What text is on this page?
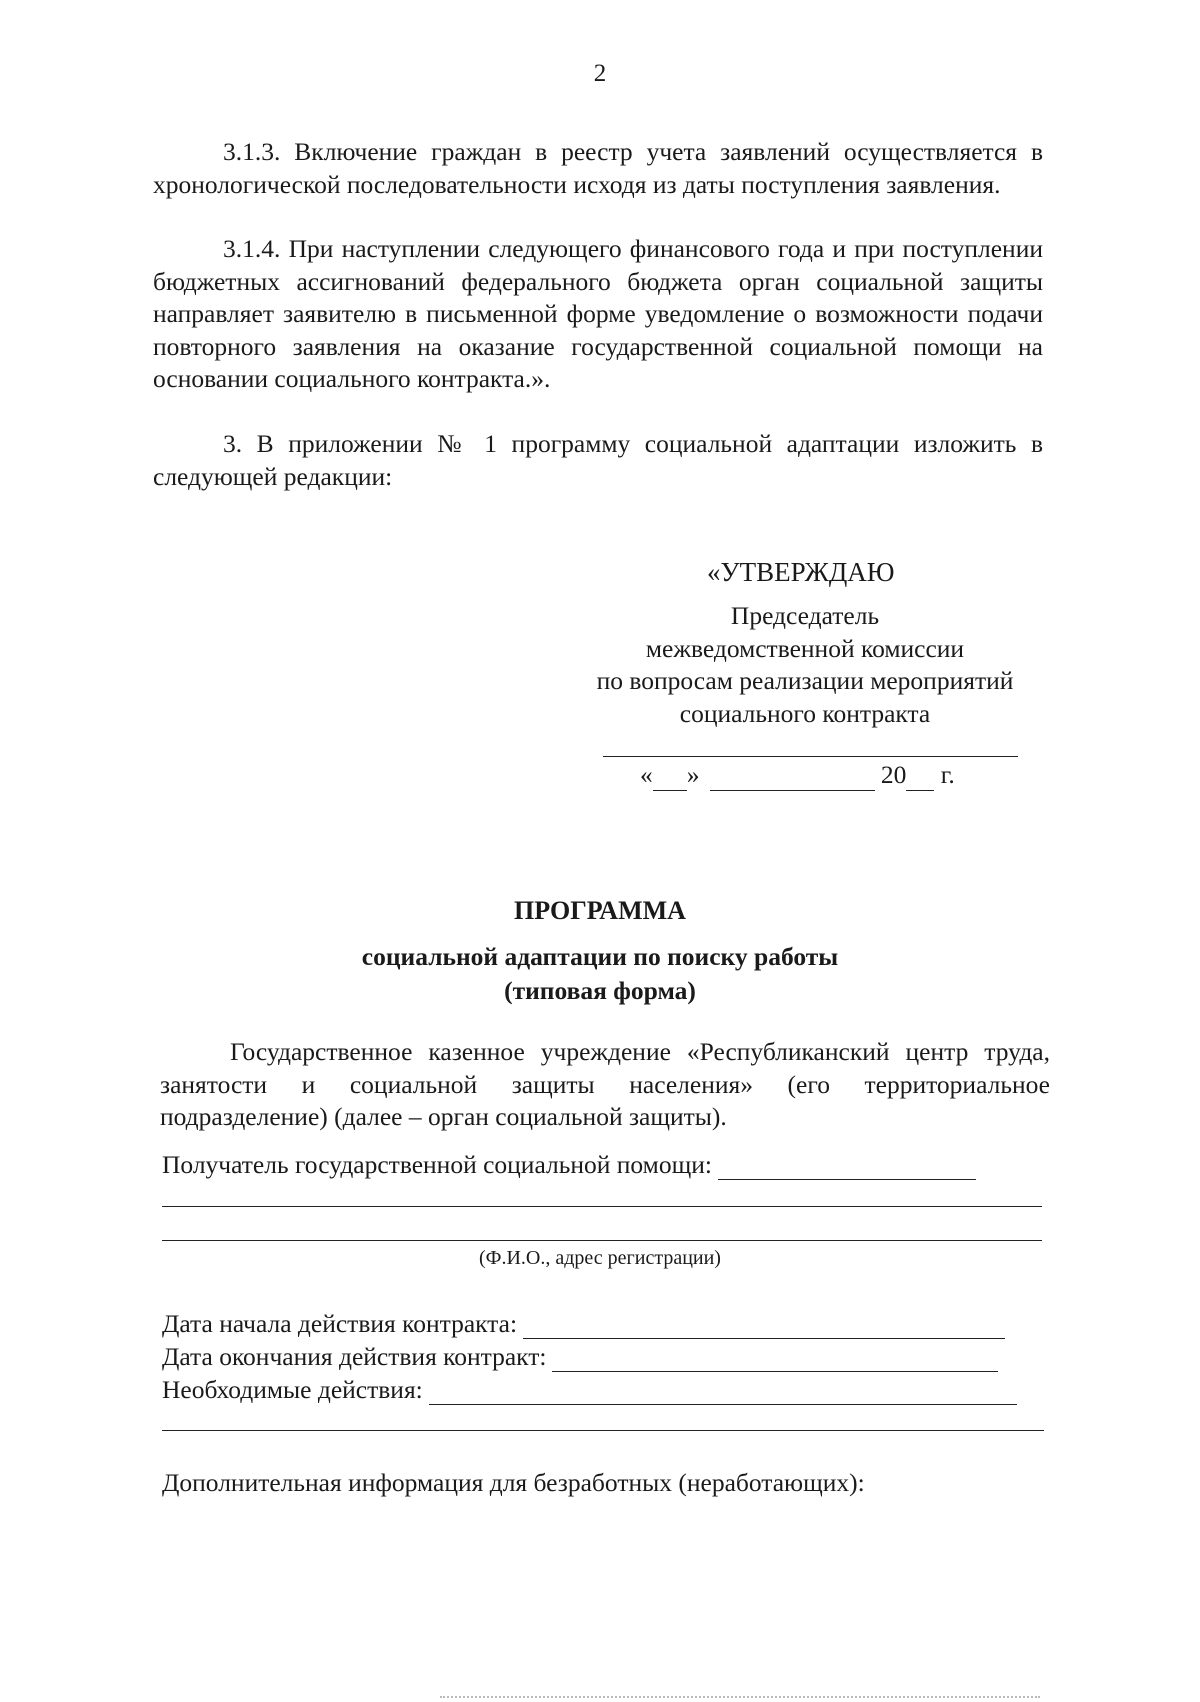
2
3.1.3. Включение граждан в реестр учета заявлений осуществляется в хронологической последовательности исходя из даты поступления заявления.
3.1.4. При наступлении следующего финансового года и при поступлении бюджетных ассигнований федерального бюджета орган социальной защиты направляет заявителю в письменной форме уведомление о возможности подачи повторного заявления на оказание государственной социальной помощи на основании социального контракта.».
3. В приложении № 1 программу социальной адаптации изложить в следующей редакции:
«УТВЕРЖДАЮ
Председатель
межведомственной комиссии
по вопросам реализации мероприятий
социального контракта
« »	20 г.
ПРОГРАММА
социальной адаптации по поиску работы
(типовая форма)
Государственное казенное учреждение «Республиканский центр труда, занятости и социальной защиты населения» (его территориальное подразделение) (далее – орган социальной защиты).
Получатель государственной социальной помощи:
(Ф.И.О., адрес регистрации)
Дата начала действия контракта:
Дата окончания действия контракт:
Необходимые действия:
Дополнительная информация для безработных (неработающих):
